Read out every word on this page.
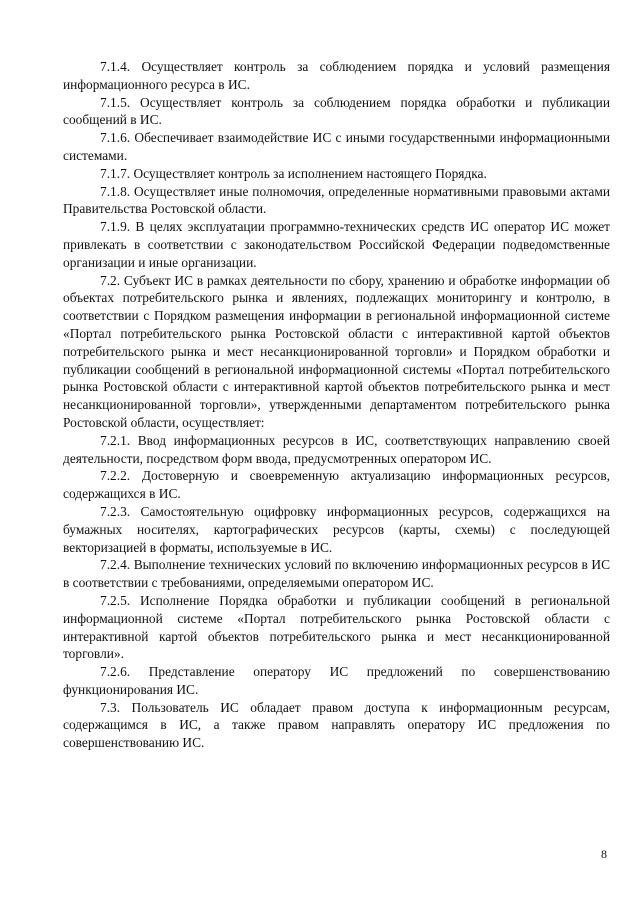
7.1.4. Осуществляет контроль за соблюдением порядка и условий размещения информационного ресурса в ИС.

7.1.5. Осуществляет контроль за соблюдением порядка обработки и публикации сообщений в ИС.

7.1.6. Обеспечивает взаимодействие ИС с иными государственными информационными системами.

7.1.7. Осуществляет контроль за исполнением настоящего Порядка.

7.1.8. Осуществляет иные полномочия, определенные нормативными правовыми актами Правительства Ростовской области.

7.1.9. В целях эксплуатации программно-технических средств ИС оператор ИС может привлекать в соответствии с законодательством Российской Федерации подведомственные организации и иные организации.

7.2. Субъект ИС в рамках деятельности по сбору, хранению и обработке информации об объектах потребительского рынка и явлениях, подлежащих мониторингу и контролю, в соответствии с Порядком размещения информации в региональной информационной системе «Портал потребительского рынка Ростовской области с интерактивной картой объектов потребительского рынка и мест несанкционированной торговли» и Порядком обработки и публикации сообщений в региональной информационной системы «Портал потребительского рынка Ростовской области с интерактивной картой объектов потребительского рынка и мест несанкционированной торговли», утвержденными департаментом потребительского рынка Ростовской области, осуществляет:

7.2.1. Ввод информационных ресурсов в ИС, соответствующих направлению своей деятельности, посредством форм ввода, предусмотренных оператором ИС.

7.2.2. Достоверную и своевременную актуализацию информационных ресурсов, содержащихся в ИС.

7.2.3. Самостоятельную оцифровку информационных ресурсов, содержащихся на бумажных носителях, картографических ресурсов (карты, схемы) с последующей векторизацией в форматы, используемые в ИС.

7.2.4. Выполнение технических условий по включению информационных ресурсов в ИС в соответствии с требованиями, определяемыми оператором ИС.

7.2.5. Исполнение Порядка обработки и публикации сообщений в региональной информационной системе «Портал потребительского рынка Ростовской области с интерактивной картой объектов потребительского рынка и мест несанкционированной торговли».

7.2.6. Представление оператору ИС предложений по совершенствованию функционирования ИС.

7.3. Пользователь ИС обладает правом доступа к информационным ресурсам, содержащимся в ИС, а также правом направлять оператору ИС предложения по совершенствованию ИС.

8
